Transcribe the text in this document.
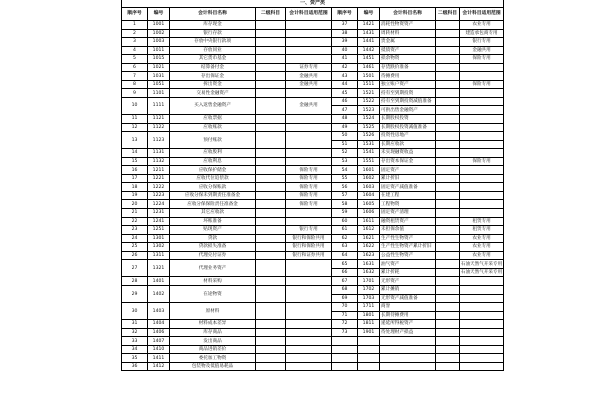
一、资产类									
顺序号	编号	会计科目名称	二级科目	会计科目适用范围	顺序号	编号	会计科目名称	二级科目	会计科目适用范围
1	1001	库存现金			37	1421	消耗性物资资产		农业专用
2	1002	银行存款			38	1431	周转材料		建造承包商专用
3	1003	存放中央银行款项			39	1441	贵金属		银行专用
4	1011	存放同业			40	1442	抵债资产		金融共用
5	1015	其它货币基金			41	1451	损余物资		保险专用
6	1021	结算备付金		证券专用	42	1461	存货跌价准备		
7	1031	存出保证金		金融共用	43	1501	待摊费用		
8	1051	拆出资金		金融共用	44	1511	独立账户资产		保险专用
9	1101	交易性金融资产			45	1521	持有至到期投资		
10	1111	买入返售金融资产		金融共用	46	1522	持有至到期投资减值准备		
					47	1523	可供出售金融资产		
11	1121	应收票据			48	1524	长期股权投资		
12	1122	应收账款			49	1525	长期股权投资减值准备		
13	1123	预付账款			50	1526	投资性房地产		
					51	1531	长期应收款		
14	1131	应收股利			52	1541	未实现融资收益		
15	1132	应收利息			53	1551	存出资本保证金		保险专用
16	1211	应收保护储金		保险专用	54	1601	固定资产		
17	1221	应收代位追偿款		保险专用	55	1602	累计折旧		
18	1222	应收分保账款		保险专用	56	1603	固定资产减值准备		
19	1223	应收分保未到期责任准备金		保险专用	57	1604	在建工程		
20	1224	应收分保保险责任准备金		保险专用	58	1605	工程物资		
21	1231	其它应收款			59	1606	固定资产清理		
22	1241	坏账准备			60	1611	融资租赁资产		租赁专用
23	1251	贴现资产		银行专用	61	1612	未担保余值		租赁专用
24	1301	贷款		银行和保险共用	62	1621	生产性生物资产		农业专用
25	1302	贷款损失准备		银行和保险共用	63	1622	生产性生物资产累计折旧		农业专用
26	1311	代理兑付证券		银行和证券共用	64	1623	公益性生物资产		农业专用
27	1321	代理业务资产			65	1631	油气资产		石油天然气开采专用
					66	1632	累计折耗		石油天然气开采专用
28	1401	材料采购			67	1701	无形资产		
29	1402	在途物资			68	1702	累计摊销		
					69	1703	无形资产减值准备		
30	1403	原材料			70	1711	商誉		
					71	1801	长期待摊费用		
31	1404	材料成本差异			72	1811	递延所得税资产		
32	1406	库存商品			73	1901	待处理财产损益		
33	1407	发出商品							
34	1410	商品进销差价							
35	1411	委托加工物资							
36	1412	包装物及低值易耗品							
